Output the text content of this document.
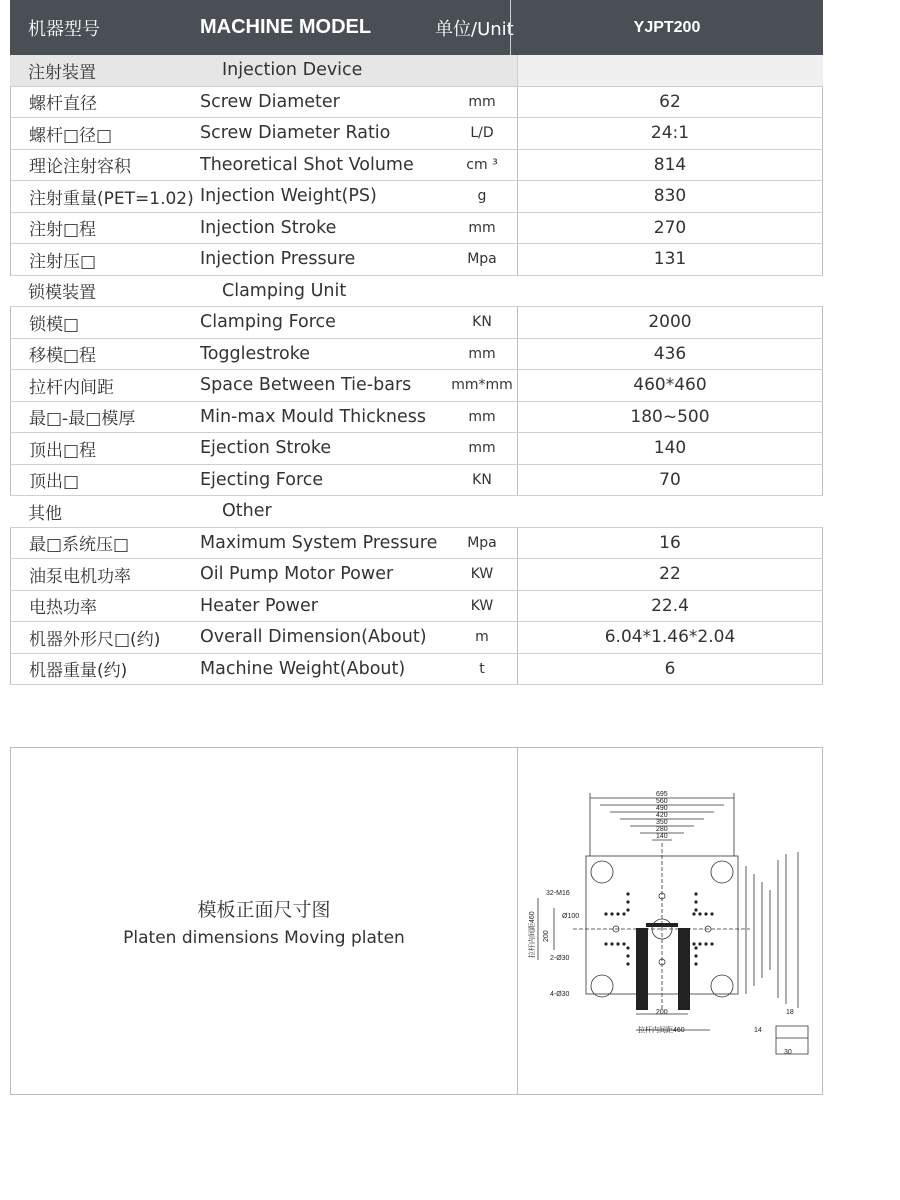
机器型号	MACHINE MODEL	单位/Unit	YJPT200
注射装置	Injection Device
螺杆直径	Screw Diameter	mm	62
螺杆□径□	Screw Diameter Ratio	L/D	24:1
理论注射容积	Theoretical Shot Volume	cm ³	814
注射重量(PET=1.02) Injection Weight(PS)	g	830
注射□程	Injection Stroke	mm	270
注射压□	Injection Pressure	Mpa	131
锁模装置	Clamping Unit
锁模□	Clamping Force	KN	2000
移模□程	Togglestroke	mm	436
拉杆内间距	Space Between Tie-bars	mm*mm	460*460
最□-最□模厚	Min-max Mould Thickness	mm	180~500
顶出□程	Ejection Stroke	mm	140
顶出□	Ejecting Force	KN	70
其他	Other
最□系统压□	Maximum System Pressure	Mpa	16
油泵电机功率	Oil Pump Motor Power	KW	22
电热功率	Heater Power	KW	22.4
机器外形尺□(约)	Overall Dimension(About)	m	6.04*1.46*2.04
机器重量(约)	Machine Weight(About)	t	6
模板正面尺寸图
Platen dimensions Moving platen
695
560
490
420
350
280
140
32-M16
Ø100
2-Ø30
4-Ø30
200
拉杆内间距460
200
拉杆内间距460
18
14
30
